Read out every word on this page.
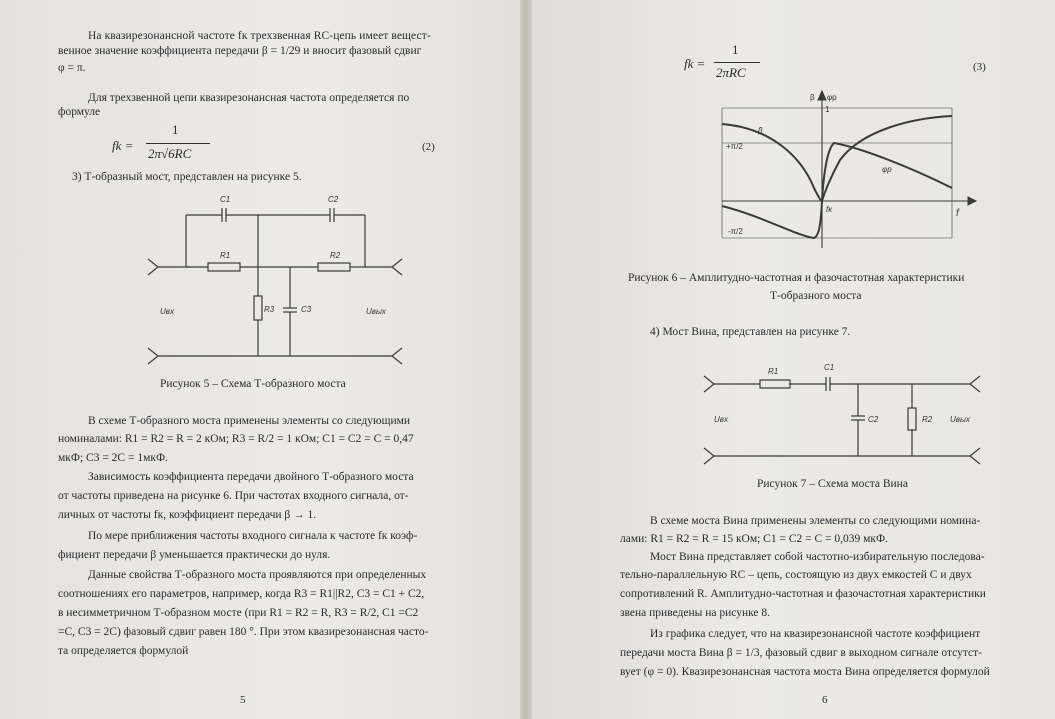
На квазирезонансной частоте fк трехзвенная RC-цепь имеет вещест-
венное значение коэффициента передачи β = 1/29 и вносит фазовый сдвиг
φ = π.
Для трехзвенной цепи квазирезонансная частота определяется по
формуле
fk =
1
2π√6RC	(2)
3) Т-образный мост, представлен на рисунке 5.
C1	C2
R1	R2
R3	C3
Uвх	Uвых
Рисунок 5 – Схема Т-образного моста
В схеме Т-образного моста применены элементы со следующими
номиналами: R1 = R2 = R = 2 кОм; R3 = R/2 = 1 кОм; C1 = C2 = C = 0,47
мкФ; C3 = 2C = 1мкФ.
Зависимость коэффициента передачи двойного Т-образного моста
от частоты приведена на рисунке 6. При частотах входного сигнала, от-
личных от частоты fк, коэффициент передачи β → 1.
По мере приближения частоты входного сигнала к частоте fк коэф-
фициент передачи β уменьшается практически до нуля.
Данные свойства Т-образного моста проявляются при определенных
соотношениях его параметров, например, когда R3 = R1||R2, C3 = C1 + C2,
в несимметричном Т-образном мосте (при R1 = R2 = R, R3 = R/2, C1 =C2
=C, C3 = 2C) фазовый сдвиг равен 180 °. При этом квазирезонансная часто-
та определяется формулой
5
fk =
1
2πRC	(3)
β ▲ φр
1
+π/2
-π/2
β
φр
fк	f
Рисунок 6 – Амплитудно-частотная и фазочастотная характеристики
Т-образного моста
4) Мост Вина, представлен на рисунке 7.
R1	C1
C2	R2
Uвх	Uвых
Рисунок 7 – Схема моста Вина
В схеме моста Вина применены элементы со следующими номина-
лами: R1 = R2 = R = 15 кОм; C1 = C2 = C = 0,039 мкФ.
Мост Вина представляет собой частотно-избирательную последова-
тельно-параллельную RC – цепь, состоящую из двух емкостей C и двух
сопротивлений R. Амплитудно-частотная и фазочастотная характеристики
звена приведены на рисунке 8.
Из графика следует, что на квазирезонансной частоте коэффициент
передачи моста Вина β = 1/3, фазовый сдвиг в выходном сигнале отсутст-
вует (φ = 0). Квазирезонансная частота моста Вина определяется формулой
6
